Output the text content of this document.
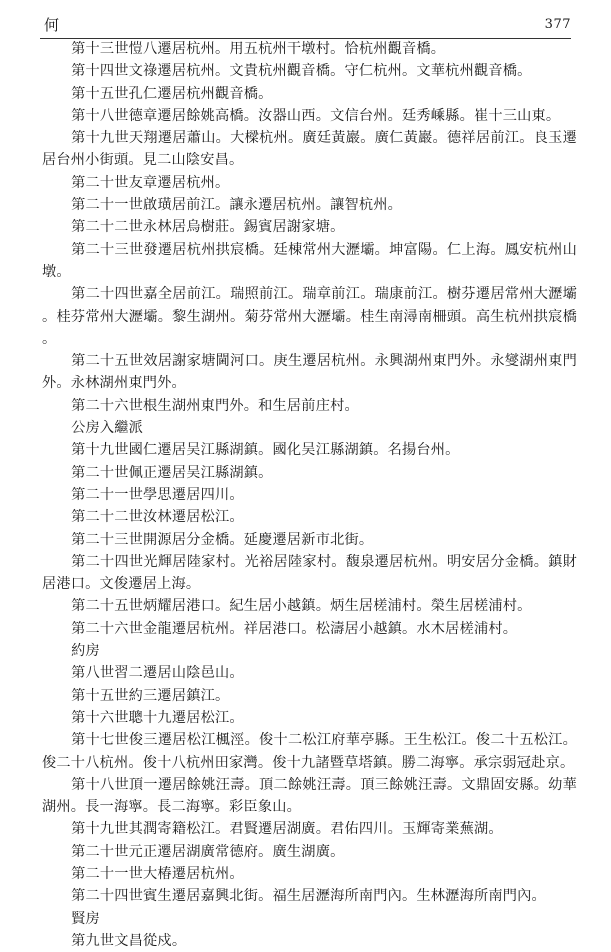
何	377

第十三世愷八遷居杭州。用五杭州干墩村。恰杭州觀音橋。

第十四世文祿遷居杭州。文貴杭州觀音橋。守仁杭州。文華杭州觀音橋。

第十五世孔仁遷居杭州觀音橋。

第十八世德章遷居餘姚高橋。汝器山西。文信台州。廷秀嵊縣。崔十三山東。

第十九世天翔遷居蕭山。大樑杭州。廣廷黃巖。廣仁黃巖。德祥居前江。良玉遷居台州小街頭。見二山陰安昌。

第二十世友章遷居杭州。

第二十一世啟璜居前江。讓永遷居杭州。讓智杭州。

第二十二世永林居烏樹莊。錫賓居謝家塘。

第二十三世發遷居杭州拱宸橋。廷棟常州大瀝壩。坤富陽。仁上海。鳳安杭州山墩。

第二十四世嘉全居前江。瑞照前江。瑞章前江。瑞康前江。樹芬遷居常州大瀝壩。桂芬常州大瀝壩。黎生湖州。菊芬常州大瀝壩。桂生南潯南柵頭。高生杭州拱宸橋。

第二十五世效居謝家塘閫河口。庚生遷居杭州。永興湖州東門外。永燮湖州東門外。永林湖州東門外。

第二十六世根生湖州東門外。和生居前庄村。

公房入繼派

第十九世國仁遷居吴江縣湖鎮。國化吴江縣湖鎮。名揚台州。

第二十世佩正遷居吴江縣湖鎮。

第二十一世學思遷居四川。

第二十二世汝林遷居松江。

第二十三世開源居分金橋。延慶遷居新市北街。

第二十四世光輝居陸家村。光裕居陸家村。馥泉遷居杭州。明安居分金橋。鎮財居港口。文俊遷居上海。

第二十五世炳耀居港口。紀生居小越鎮。炳生居槎浦村。榮生居槎浦村。

第二十六世金龍遷居杭州。祥居港口。松濤居小越鎮。水木居槎浦村。

約房

第八世習二遷居山陰邑山。

第十五世約三遷居鎮江。

第十六世聰十九遷居松江。

第十七世俊三遷居松江楓涇。俊十二松江府華亭縣。王生松江。俊二十五松江。俊二十八杭州。俊十八杭州田家灣。俊十九諸暨草塔鎮。勝二海寧。承宗弱冠赴京。

第十八世頂一遷居餘姚汪壽。頂二餘姚汪壽。頂三餘姚汪壽。文鼎固安縣。幼華湖州。長一海寧。長二海寧。彩臣象山。

第十九世其潤寄籍松江。君賢遷居湖廣。君佑四川。玉輝寄業蕪湖。

第二十世元正遷居湖廣常德府。廣生湖廣。

第二十一世大椿遷居杭州。

第二十四世賓生遷居嘉興北街。福生居瀝海所南門內。生林瀝海所南門內。

賢房

第九世文昌從戍。
